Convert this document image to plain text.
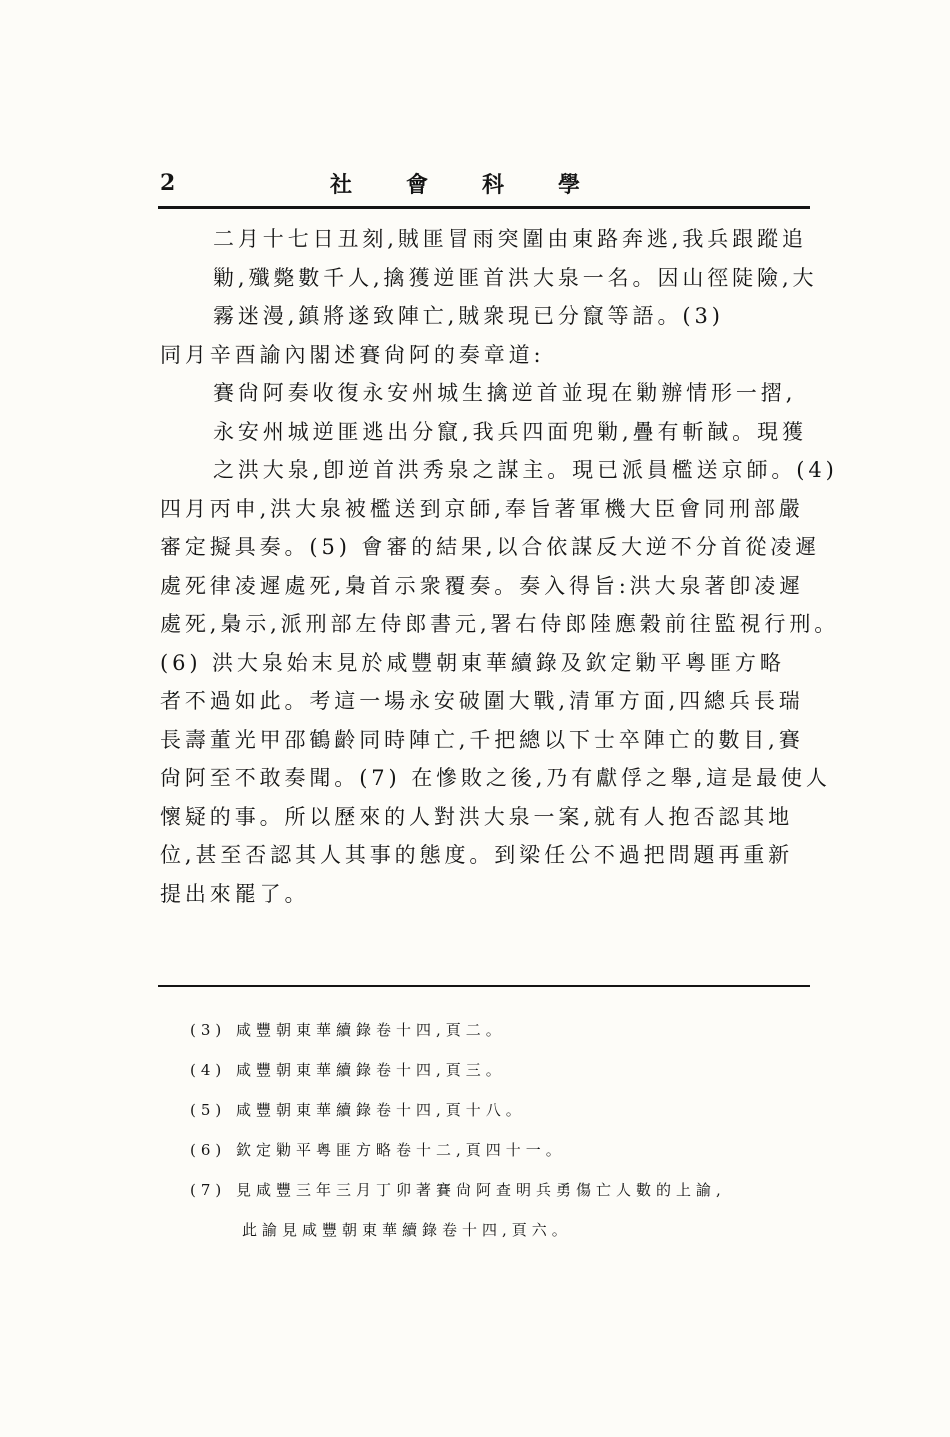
2	社會科學
二月十七日丑刻,賊匪冒雨突圍由東路奔逃,我兵跟蹤追
勦,殲斃數千人,擒獲逆匪首洪大泉一名。因山徑陡險,大
霧迷漫,鎮將遂致陣亡,賊衆現已分竄等語。(3)
同月辛酉諭內閣述賽尙阿的奏章道:
賽尙阿奏收復永安州城生擒逆首並現在勦辦情形一摺,
永安州城逆匪逃出分竄,我兵四面兜勦,疊有斬馘。現獲
之洪大泉,卽逆首洪秀泉之謀主。現已派員檻送京師。(4)
四月丙申,洪大泉被檻送到京師,奉旨著軍機大臣會同刑部嚴
審定擬具奏。(5) 會審的結果,以合依謀反大逆不分首從凌遲
處死律凌遲處死,梟首示衆覆奏。奏入得旨:洪大泉著卽凌遲
處死,梟示,派刑部左侍郎書元,署右侍郎陸應穀前往監視行刑。
(6) 洪大泉始末見於咸豐朝東華續錄及欽定勦平粵匪方略
者不過如此。考這一場永安破圍大戰,清軍方面,四總兵長瑞
長壽董光甲邵鶴齡同時陣亡,千把總以下士卒陣亡的數目,賽
尙阿至不敢奏聞。(7) 在慘敗之後,乃有獻俘之舉,這是最使人
懷疑的事。所以歷來的人對洪大泉一案,就有人抱否認其地
位,甚至否認其人其事的態度。到梁任公不過把問題再重新
提出來罷了。
(3) 咸豐朝東華續錄卷十四,頁二。
(4) 咸豐朝東華續錄卷十四,頁三。
(5) 咸豐朝東華續錄卷十四,頁十八。
(6) 欽定勦平粵匪方略卷十二,頁四十一。
(7) 見咸豐三年三月丁卯著賽尙阿查明兵勇傷亡人數的上諭,
此諭見咸豐朝東華續錄卷十四,頁六。
